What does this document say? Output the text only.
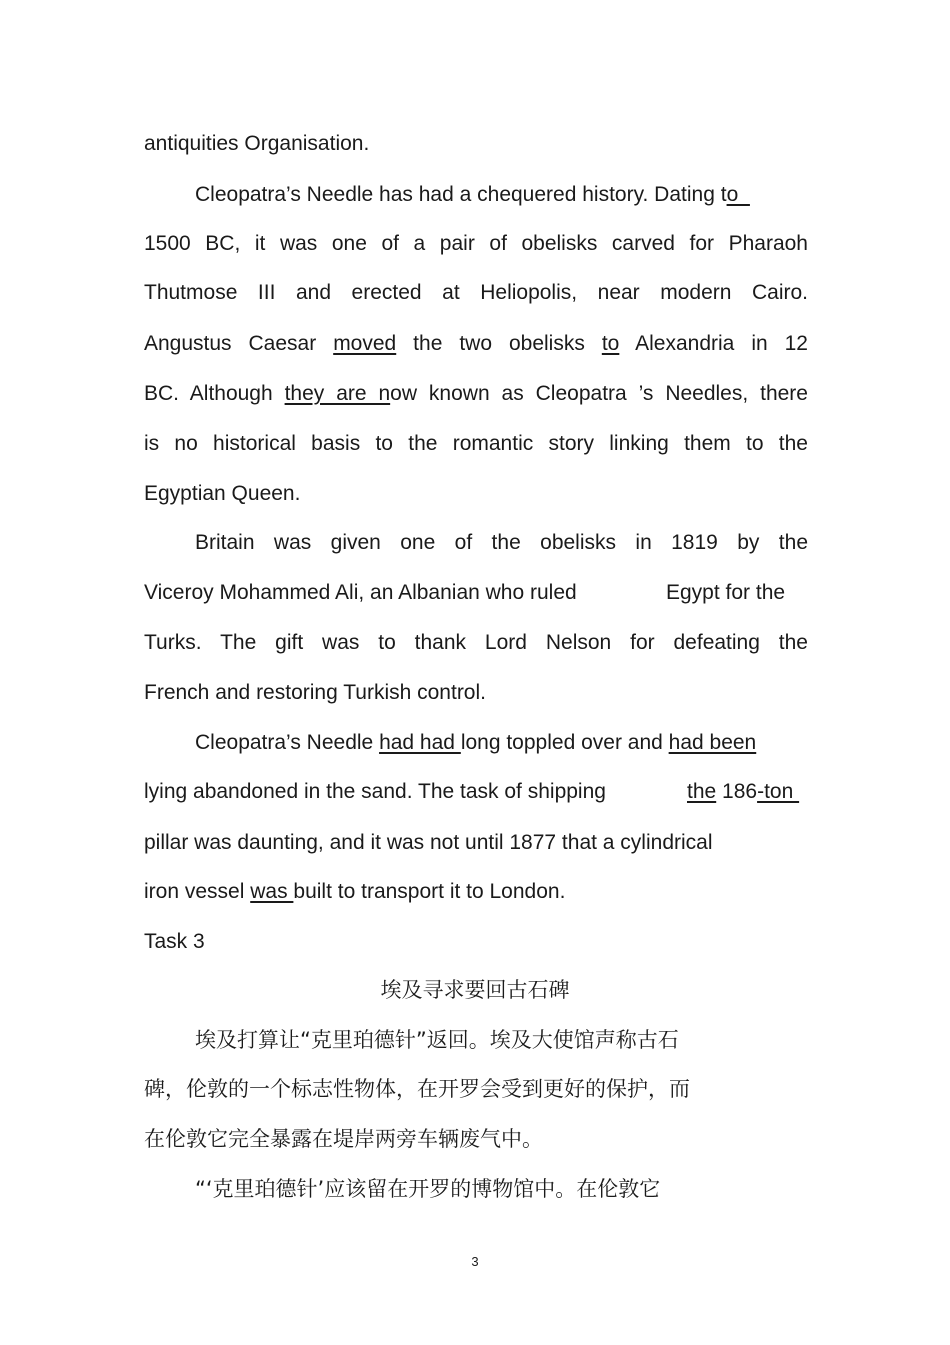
antiquities Organisation.
Cleopatra’s Needle has had a chequered history. Dating to
1500 BC, it was one of a pair of obelisks carved for Pharaoh
Thutmose III and erected at Heliopolis, near modern Cairo.
Angustus Caesar moved the two obelisks to Alexandria in 12
BC. Although they are now known as Cleopatra ’s Needles, there
is no historical basis to the romantic story linking them to the
Egyptian Queen.
Britain was given one of the obelisks in 1819 by the
Viceroy Mohammed Ali, an Albanian who ruled	Egypt for the
Turks. The gift was to thank Lord Nelson for defeating the
French and restoring Turkish control.
Cleopatra’s Needle had had long toppled over and had been
lying abandoned in the sand. The task of shipping	the 186-ton
pillar was daunting, and it was not until 1877 that a cylindrical
iron vessel was built to transport it to London.
Task 3
埃及寻求要回古石碑
埃及打算让“克里珀德针”返回。埃及大使馆声称古石
碑，伦敦的一个标志性物体，在开罗会受到更好的保护，而
在伦敦它完全暴露在堤岸两旁车辆废气中。
“‘克里珀德针’应该留在开罗的博物馆中。在伦敦它
3
